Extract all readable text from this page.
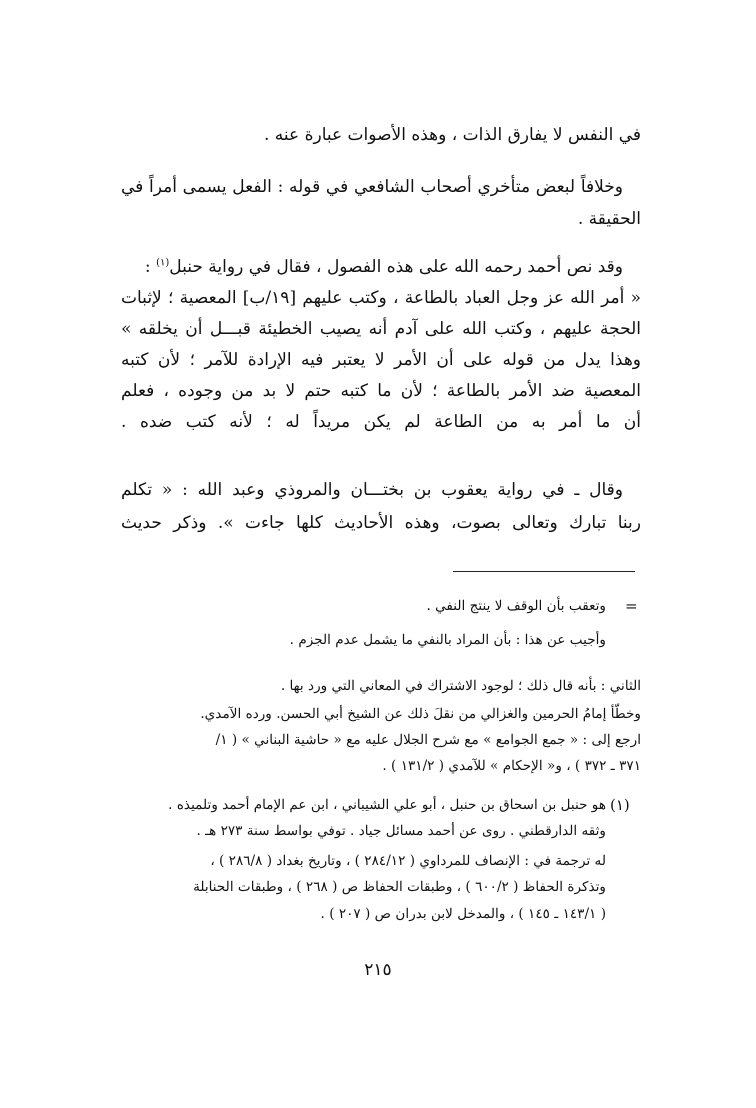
في النفس لا يفارق الذات ، وهذه الأصوات عبارة عنه .

وخلافاً لبعض متأخري أصحاب الشافعي في قوله : الفعل يسمى أمراً في

الحقيقة .

وقد نص أحمد رحمه الله على هذه الفصول ، فقال في رواية حنبل$^{(١)}$ :

« أمر الله عز وجل العباد بالطاعة ، وكتب عليهم [١٩/ب] المعصية ؛ لإثبات

الحجة عليهم ، وكتب الله على آدم أنه يصيب الخطيئة قبـــل أن يخلقه »

وهذا يدل من قوله على أن الأمر لا يعتبر فيه الإرادة للآمر ؛ لأن كتبه

المعصية ضد الأمر بالطاعة ؛ لأن ما كتبه حتم لا بد من وجوده ، فعلم

أن ما أمر به من الطاعة لم يكن مريداً له ؛ لأنه كتب ضده .

وقال ـ في رواية يعقوب بن بختـــان والمروذي وعبد الله : « تكلم

ربنا تبارك وتعالى بصوت، وهذه الأحاديث كلها جاءت ». وذكر حديث

=

وتعقب بأن الوقف لا ينتج النفي .

وأجيب عن هذا : بأن المراد بالنفي ما يشمل عدم الجزم .

الثاني : بأنه قال ذلك ؛ لوجود الاشتراك في المعاني التي ورد بها .

وخطّأ إمامُ الحرمين والغزالي من نقلَ ذلك عن الشيخ أبي الحسن. ورده الآمدي.

ارجع إلى : « جمع الجوامع » مع شرح الجلال عليه مع « حاشية البناني » ( ١/

٣٧١ ـ ٣٧٢ ) ، و« الإحكام » للآمدي ( ١٣١/٢ ) .

(١)

هو حنبل بن اسحاق بن حنبل ، أبو علي الشيباني ، ابن عم الإمام أحمد وتلميذه .

وثقه الدارقطني . روى عن أحمد مسائل جياد . توفي بواسط سنة ٢٧٣ هـ .

له ترجمة في : الإنصاف للمرداوي ( ٢٨٤/١٢ ) ، وتاريخ بغداد ( ٢٨٦/٨ ) ،

وتذكرة الحفاظ ( ٦٠٠/٢ ) ، وطبقات الحفاظ ص ( ٢٦٨ ) ، وطبقات الحنابلة

( ١٤٣/١ ـ ١٤٥ ) ، والمدخل لابن بدران ص ( ٢٠٧ ) .

٢١٥
